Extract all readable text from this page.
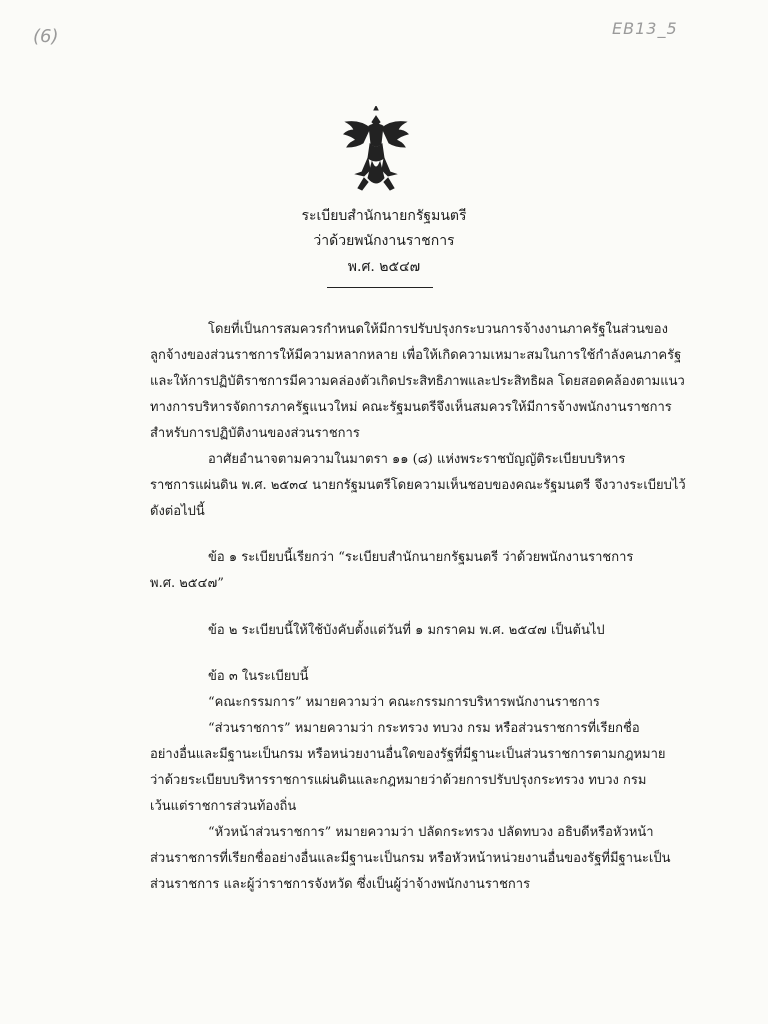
(6)	EB13_5
ระเบียบสำนักนายกรัฐมนตรี
ว่าด้วยพนักงานราชการ
พ.ศ. ๒๕๔๗
โดยที่เป็นการสมควรกำหนดให้มีการปรับปรุงกระบวนการจ้างงานภาครัฐในส่วนของ
ลูกจ้างของส่วนราชการให้มีความหลากหลาย เพื่อให้เกิดความเหมาะสมในการใช้กำลังคนภาครัฐ
และให้การปฏิบัติราชการมีความคล่องตัวเกิดประสิทธิภาพและประสิทธิผล โดยสอดคล้องตามแนว
ทางการบริหารจัดการภาครัฐแนวใหม่ คณะรัฐมนตรีจึงเห็นสมควรให้มีการจ้างพนักงานราชการ
สำหรับการปฏิบัติงานของส่วนราชการ
อาศัยอำนาจตามความในมาตรา ๑๑ (๘) แห่งพระราชบัญญัติระเบียบบริหาร
ราชการแผ่นดิน พ.ศ. ๒๕๓๔ นายกรัฐมนตรีโดยความเห็นชอบของคณะรัฐมนตรี จึงวางระเบียบไว้
ดังต่อไปนี้
ข้อ ๑ ระเบียบนี้เรียกว่า “ระเบียบสำนักนายกรัฐมนตรี ว่าด้วยพนักงานราชการ
พ.ศ. ๒๕๔๗”
ข้อ ๒ ระเบียบนี้ให้ใช้บังคับตั้งแต่วันที่ ๑ มกราคม พ.ศ. ๒๕๔๗ เป็นต้นไป
ข้อ ๓ ในระเบียบนี้
“คณะกรรมการ” หมายความว่า คณะกรรมการบริหารพนักงานราชการ
“ส่วนราชการ” หมายความว่า กระทรวง ทบวง กรม หรือส่วนราชการที่เรียกชื่อ
อย่างอื่นและมีฐานะเป็นกรม หรือหน่วยงานอื่นใดของรัฐที่มีฐานะเป็นส่วนราชการตามกฎหมาย
ว่าด้วยระเบียบบริหารราชการแผ่นดินและกฎหมายว่าด้วยการปรับปรุงกระทรวง ทบวง กรม
เว้นแต่ราชการส่วนท้องถิ่น
“หัวหน้าส่วนราชการ” หมายความว่า ปลัดกระทรวง ปลัดทบวง อธิบดีหรือหัวหน้า
ส่วนราชการที่เรียกชื่ออย่างอื่นและมีฐานะเป็นกรม หรือหัวหน้าหน่วยงานอื่นของรัฐที่มีฐานะเป็น
ส่วนราชการ และผู้ว่าราชการจังหวัด ซึ่งเป็นผู้ว่าจ้างพนักงานราชการ
